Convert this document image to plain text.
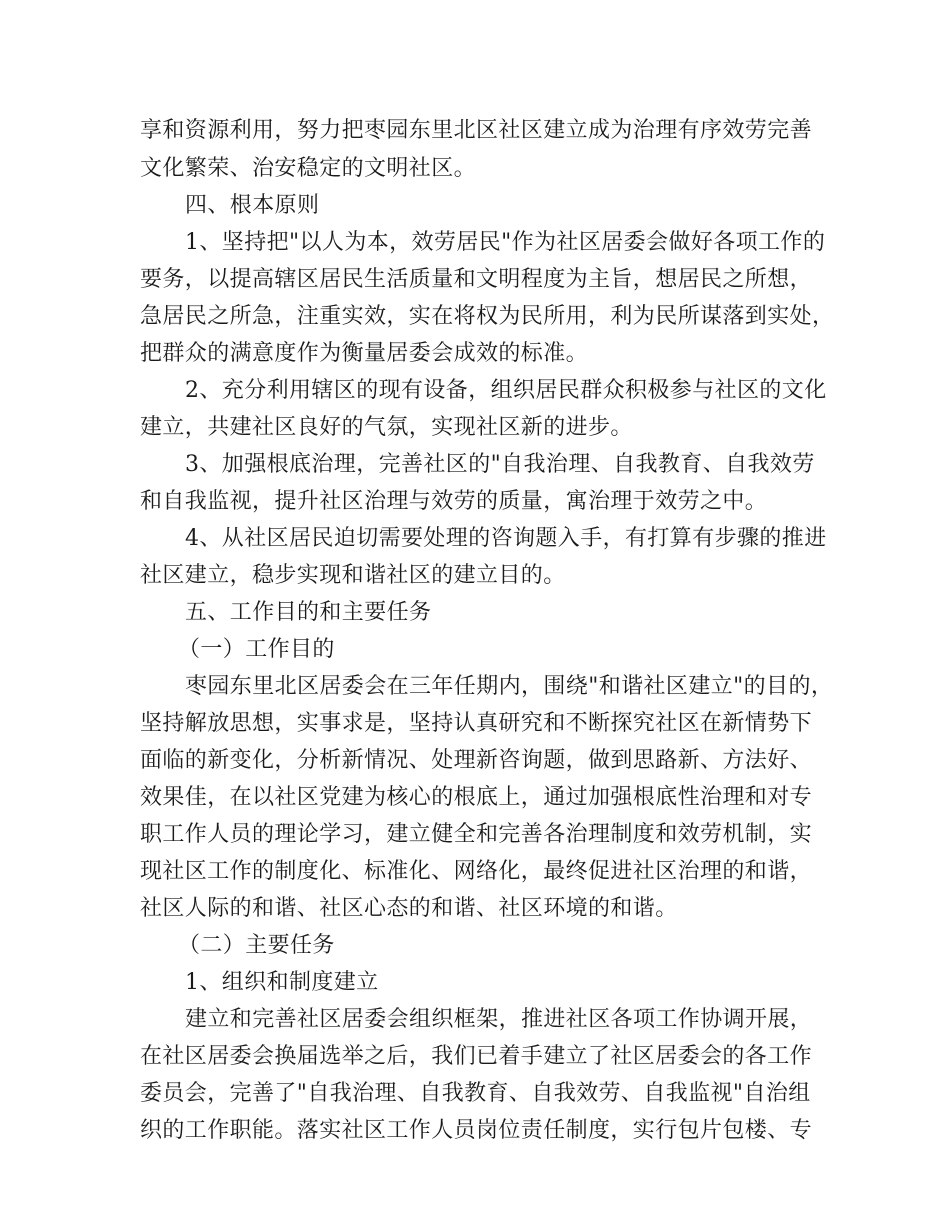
享和资源利用，努力把枣园东里北区社区建立成为治理有序效劳完善
文化繁荣、治安稳定的文明社区。
四、根本原则
1、坚持把"以人为本，效劳居民"作为社区居委会做好各项工作的
要务，以提高辖区居民生活质量和文明程度为主旨，想居民之所想，
急居民之所急，注重实效，实在将权为民所用，利为民所谋落到实处，
把群众的满意度作为衡量居委会成效的标准。
2、充分利用辖区的现有设备，组织居民群众积极参与社区的文化
建立，共建社区良好的气氛，实现社区新的进步。
3、加强根底治理，完善社区的"自我治理、自我教育、自我效劳
和自我监视，提升社区治理与效劳的质量，寓治理于效劳之中。
4、从社区居民迫切需要处理的咨询题入手，有打算有步骤的推进
社区建立，稳步实现和谐社区的建立目的。
五、工作目的和主要任务
（一）工作目的
枣园东里北区居委会在三年任期内，围绕"和谐社区建立"的目的，
坚持解放思想，实事求是，坚持认真研究和不断探究社区在新情势下
面临的新变化，分析新情况、处理新咨询题，做到思路新、方法好、
效果佳，在以社区党建为核心的根底上，通过加强根底性治理和对专
职工作人员的理论学习，建立健全和完善各治理制度和效劳机制，实
现社区工作的制度化、标准化、网络化，最终促进社区治理的和谐，
社区人际的和谐、社区心态的和谐、社区环境的和谐。
（二）主要任务
1、组织和制度建立
建立和完善社区居委会组织框架，推进社区各项工作协调开展，
在社区居委会换届选举之后，我们已着手建立了社区居委会的各工作
委员会，完善了"自我治理、自我教育、自我效劳、自我监视"自治组
织的工作职能。落实社区工作人员岗位责任制度，实行包片包楼、专
